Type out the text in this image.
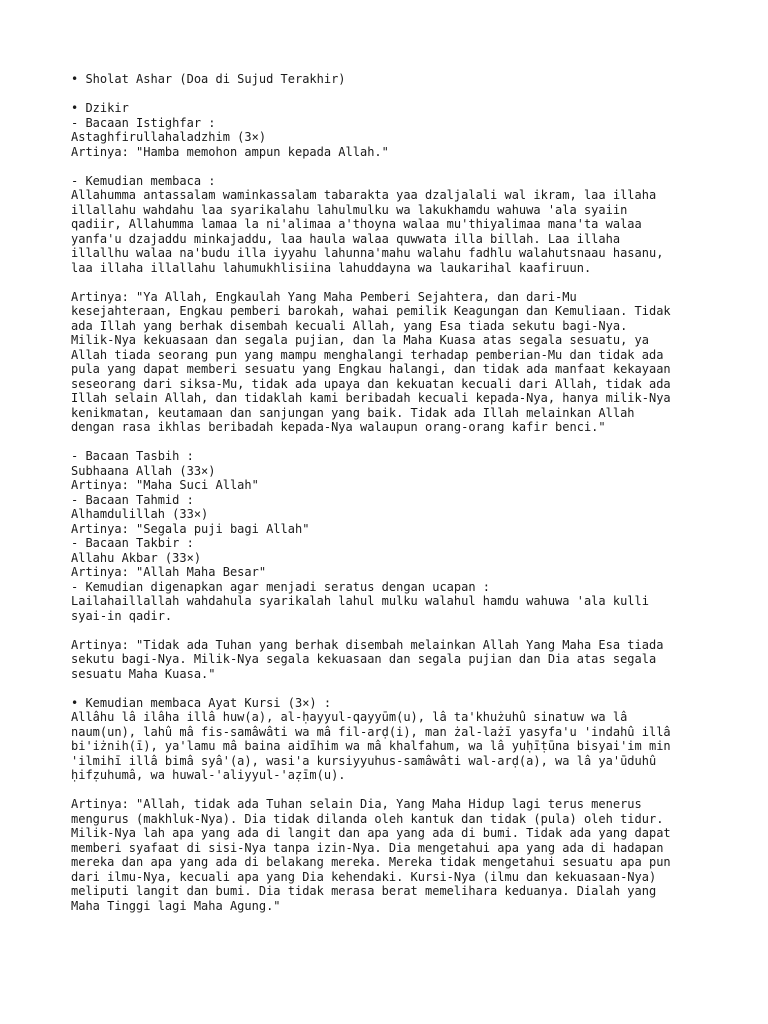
• Sholat Ashar (Doa di Sujud Terakhir)
• Dzikir
- Bacaan Istighfar :
Astaghfirullahaladzhim (3×)
Artinya: "Hamba memohon ampun kepada Allah."
- Kemudian membaca :
Allahumma antassalam waminkassalam tabarakta yaa dzaljalali wal ikram, laa illaha
illallahu wahdahu laa syarikalahu lahulmulku wa lakukhamdu wahuwa 'ala syaiin
qadiir, Allahumma lamaa la ni'alimaa a'thoyna walaa mu'thiyalimaa mana'ta walaa
yanfa'u dzajaddu minkajaddu, laa haula walaa quwwata illa billah. Laa illaha
illallhu walaa na'budu illa iyyahu lahunna'mahu walahu fadhlu walahutsnaau hasanu,
laa illaha illallahu lahumukhlisiina lahuddayna wa laukarihal kaafiruun.
Artinya: "Ya Allah, Engkaulah Yang Maha Pemberi Sejahtera, dan dari-Mu
kesejahteraan, Engkau pemberi barokah, wahai pemilik Keagungan dan Kemuliaan. Tidak
ada Illah yang berhak disembah kecuali Allah, yang Esa tiada sekutu bagi-Nya.
Milik-Nya kekuasaan dan segala pujian, dan la Maha Kuasa atas segala sesuatu, ya
Allah tiada seorang pun yang mampu menghalangi terhadap pemberian-Mu dan tidak ada
pula yang dapat memberi sesuatu yang Engkau halangi, dan tidak ada manfaat kekayaan
seseorang dari siksa-Mu, tidak ada upaya dan kekuatan kecuali dari Allah, tidak ada
Illah selain Allah, dan tidaklah kami beribadah kecuali kepada-Nya, hanya milik-Nya
kenikmatan, keutamaan dan sanjungan yang baik. Tidak ada Illah melainkan Allah
dengan rasa ikhlas beribadah kepada-Nya walaupun orang-orang kafir benci."
- Bacaan Tasbih :
Subhaana Allah (33×)
Artinya: "Maha Suci Allah"
- Bacaan Tahmid :
Alhamdulillah (33×)
Artinya: "Segala puji bagi Allah"
- Bacaan Takbir :
Allahu Akbar (33×)
Artinya: "Allah Maha Besar"
- Kemudian digenapkan agar menjadi seratus dengan ucapan :
Lailahaillallah wahdahula syarikalah lahul mulku walahul hamdu wahuwa 'ala kulli
syai-in qadir.
Artinya: "Tidak ada Tuhan yang berhak disembah melainkan Allah Yang Maha Esa tiada
sekutu bagi-Nya. Milik-Nya segala kekuasaan dan segala pujian dan Dia atas segala
sesuatu Maha Kuasa."
• Kemudian membaca Ayat Kursi (3×) :
Allâhu lâ ilâha illâ huw(a), al-ḥayyul-qayyūm(u), lâ ta'khużuhû sinatuw wa lâ
naum(un), lahû mâ fis-samâwâti wa mâ fil-arḍ(i), man żal-lażī yasyfa'u 'indahû illâ
bi'iżnih(ī), ya'lamu mâ baina aidīhim wa mâ khalfahum, wa lâ yuḥīṭūna bisyai'im min
'ilmihī illâ bimâ syâ'(a), wasi'a kursiyyuhus-samâwâti wal-arḍ(a), wa lâ ya'ūduhû
ḥifẓuhumâ, wa huwal-'aliyyul-'aẓīm(u).
Artinya: "Allah, tidak ada Tuhan selain Dia, Yang Maha Hidup lagi terus menerus
mengurus (makhluk-Nya). Dia tidak dilanda oleh kantuk dan tidak (pula) oleh tidur.
Milik-Nya lah apa yang ada di langit dan apa yang ada di bumi. Tidak ada yang dapat
memberi syafaat di sisi-Nya tanpa izin-Nya. Dia mengetahui apa yang ada di hadapan
mereka dan apa yang ada di belakang mereka. Mereka tidak mengetahui sesuatu apa pun
dari ilmu-Nya, kecuali apa yang Dia kehendaki. Kursi-Nya (ilmu dan kekuasaan-Nya)
meliputi langit dan bumi. Dia tidak merasa berat memelihara keduanya. Dialah yang
Maha Tinggi lagi Maha Agung."
